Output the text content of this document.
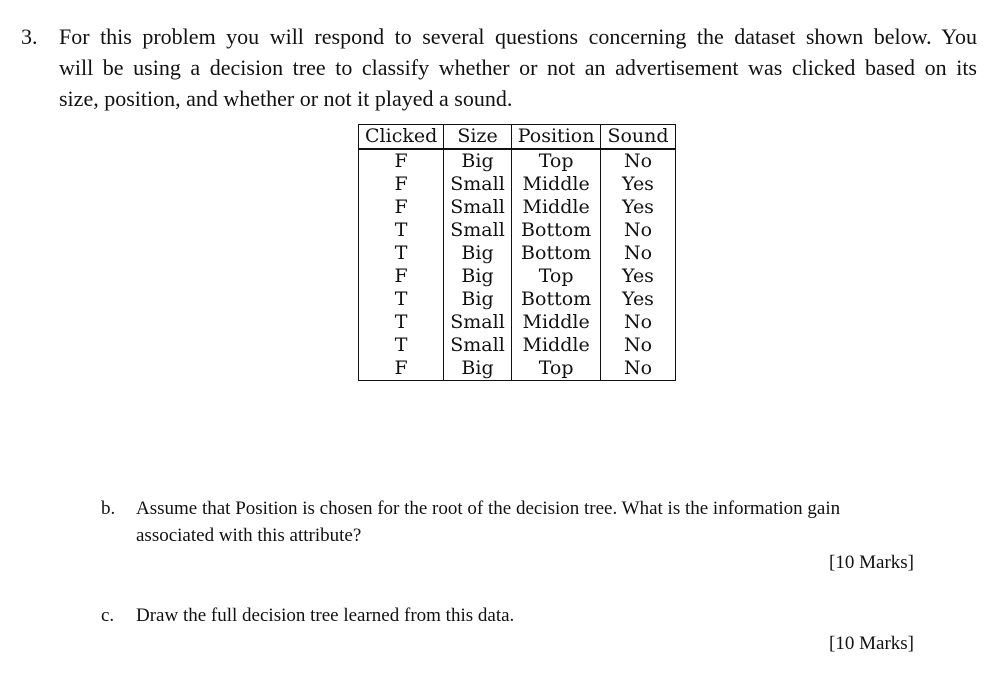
3. For this problem you will respond to several questions concerning the dataset shown below. You
will be using a decision tree to classify whether or not an advertisement was clicked based on its
size, position, and whether or not it played a sound.
Clicked	Size	Position	Sound
F	Big	Top	No
F	Small	Middle	Yes
F	Small	Middle	Yes
T	Small	Bottom	No
T	Big	Bottom	No
F	Big	Top	Yes
T	Big	Bottom	Yes
T	Small	Middle	No
T	Small	Middle	No
F	Big	Top	No
b. Assume that Position is chosen for the root of the decision tree. What is the information gain
associated with this attribute?
[10 Marks]
c. Draw the full decision tree learned from this data.
[10 Marks]
